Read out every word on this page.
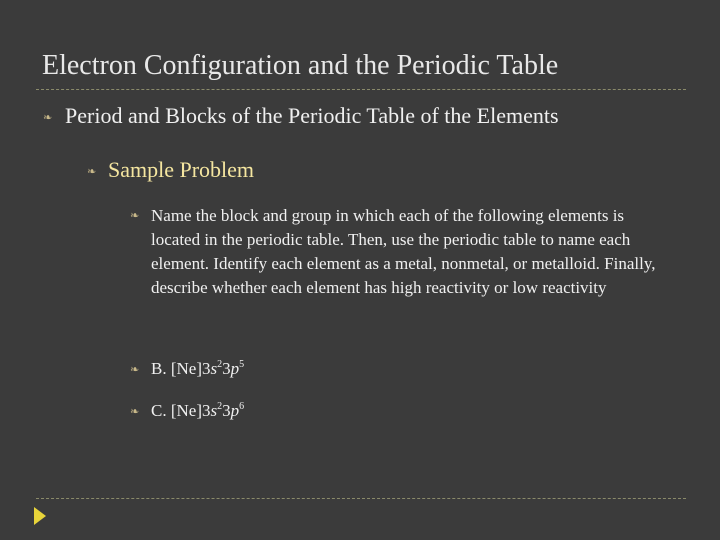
Electron Configuration and the Periodic Table
❧ Period and Blocks of the Periodic Table of the Elements
❧ Sample Problem
❧ Name the block and group in which each of the following elements is located in the periodic table. Then, use the periodic table to name each element. Identify each element as a metal, nonmetal, or metalloid. Finally, describe whether each element has high reactivity or low reactivity
❧ B. $[Ne]3s^23p^5$
❧ C. $[Ne]3s^23p^6$
